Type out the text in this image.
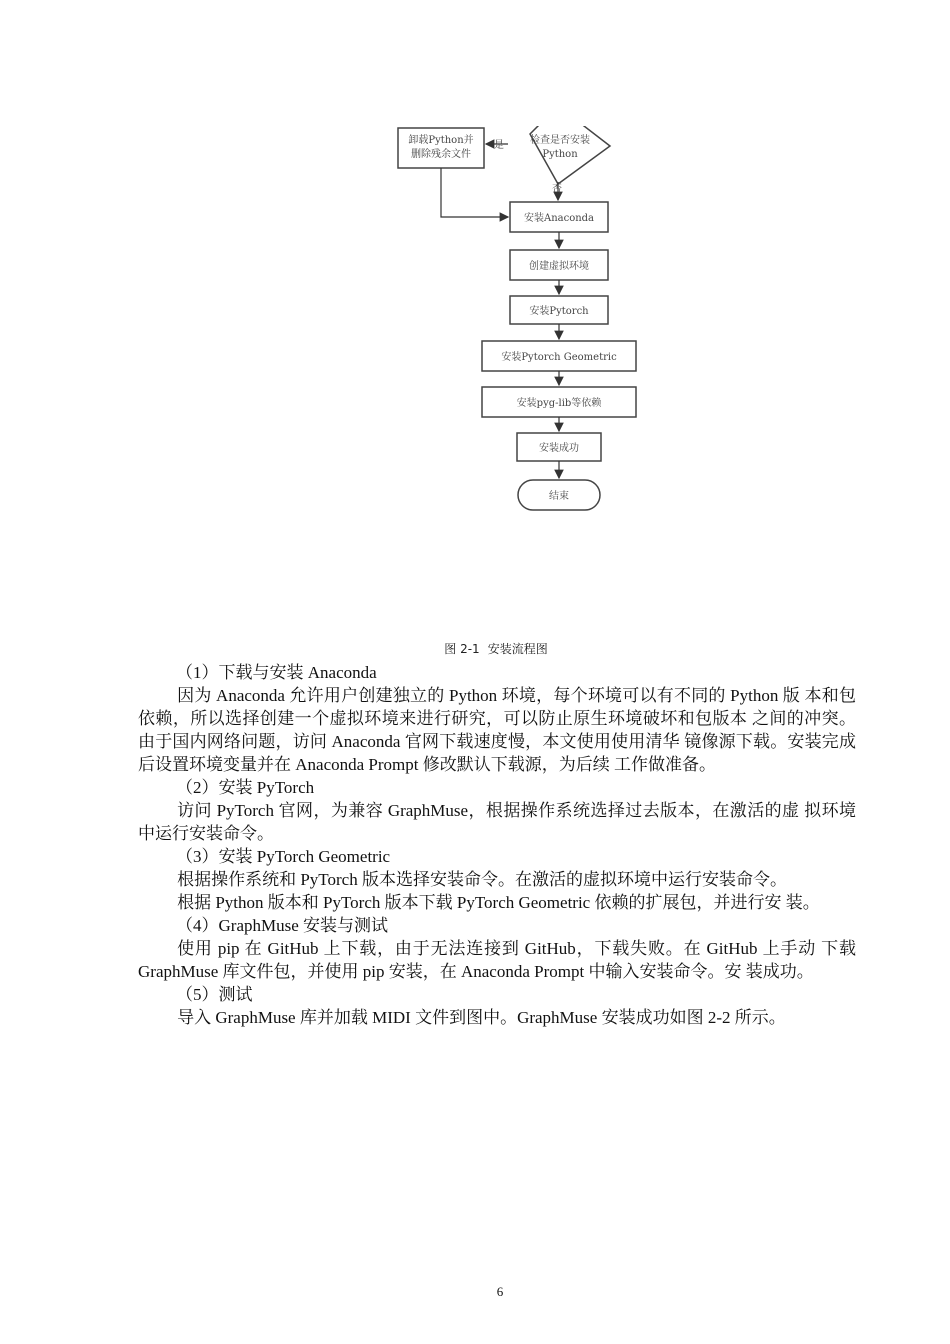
卸载Python并
删除残余文件
检查是否安装
Python
是
否
安装Anaconda
创建虚拟环境
安装Pytorch
安装Pytorch Geometric
安装pyg-lib等依赖
安装成功
结束
图 2-1 安装流程图

（1）下载与安装 Anaconda

因为 Anaconda 允许用户创建独立的 Python 环境，每个环境可以有不同的 Python 版 本和包依赖，所以选择创建一个虚拟环境来进行研究，可以防止原生环境破坏和包版本 之间的冲突。由于国内网络问题，访问 Anaconda 官网下载速度慢，本文使用使用清华 镜像源下载。安装完成后设置环境变量并在 Anaconda Prompt 修改默认下载源，为后续 工作做准备。

（2）安装 PyTorch

访问 PyTorch 官网，为兼容 GraphMuse，根据操作系统选择过去版本，在激活的虚 拟环境中运行安装命令。

（3）安装 PyTorch Geometric

根据操作系统和 PyTorch 版本选择安装命令。在激活的虚拟环境中运行安装命令。

根据 Python 版本和 PyTorch 版本下载 PyTorch Geometric 依赖的扩展包，并进行安 装。

（4）GraphMuse 安装与测试

使用 pip 在 GitHub 上下载，由于无法连接到 GitHub，下载失败。在 GitHub 上手动 下载 GraphMuse 库文件包，并使用 pip 安装，在 Anaconda Prompt 中输入安装命令。安 装成功。

（5）测试

导入 GraphMuse 库并加载 MIDI 文件到图中。GraphMuse 安装成功如图 2-2 所示。

6
